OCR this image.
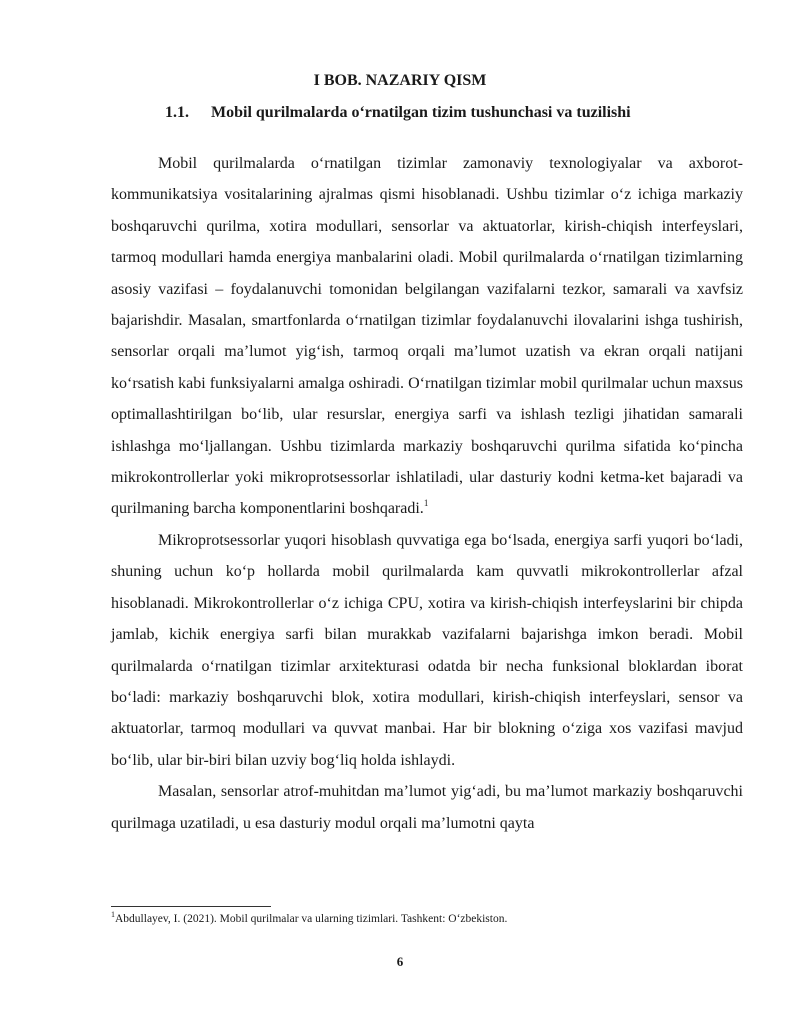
I BOB. NAZARIY QISM
1.1. Mobil qurilmalarda oʻrnatilgan tizim tushunchasi va tuzilishi

Mobil qurilmalarda oʻrnatilgan tizimlar zamonaviy texnologiyalar va axborot-kommunikatsiya vositalarining ajralmas qismi hisoblanadi. Ushbu tizimlar oʻz ichiga markaziy boshqaruvchi qurilma, xotira modullari, sensorlar va aktuatorlar, kirish-chiqish interfeyslari, tarmoq modullari hamda energiya manbalarini oladi. Mobil qurilmalarda oʻrnatilgan tizimlarning asosiy vazifasi – foydalanuvchi tomonidan belgilangan vazifalarni tezkor, samarali va xavfsiz bajarishdir. Masalan, smartfonlarda oʻrnatilgan tizimlar foydalanuvchi ilovalarini ishga tushirish, sensorlar orqali maʼlumot yigʻish, tarmoq orqali maʼlumot uzatish va ekran orqali natijani koʻrsatish kabi funksiyalarni amalga oshiradi. Oʻrnatilgan tizimlar mobil qurilmalar uchun maxsus optimallashtirilgan boʻlib, ular resurslar, energiya sarfi va ishlash tezligi jihatidan samarali ishlashga moʻljallangan. Ushbu tizimlarda markaziy boshqaruvchi qurilma sifatida koʻpincha mikrokontrollerlar yoki mikroprotsessorlar ishlatiladi, ular dasturiy kodni ketma-ket bajaradi va qurilmaning barcha komponentlarini boshqaradi.$^1$

Mikroprotsessorlar yuqori hisoblash quvvatiga ega boʻlsada, energiya sarfi yuqori boʻladi, shuning uchun koʻp hollarda mobil qurilmalarda kam quvvatli mikrokontrollerlar afzal hisoblanadi. Mikrokontrollerlar oʻz ichiga CPU, xotira va kirish-chiqish interfeyslarini bir chipda jamlab, kichik energiya sarfi bilan murakkab vazifalarni bajarishga imkon beradi. Mobil qurilmalarda oʻrnatilgan tizimlar arxitekturasi odatda bir necha funksional bloklardan iborat boʻladi: markaziy boshqaruvchi blok, xotira modullari, kirish-chiqish interfeyslari, sensor va aktuatorlar, tarmoq modullari va quvvat manbai. Har bir blokning oʻziga xos vazifasi mavjud boʻlib, ular bir-biri bilan uzviy bogʻliq holda ishlaydi.

Masalan, sensorlar atrof-muhitdan maʼlumot yigʻadi, bu maʼlumot markaziy boshqaruvchi qurilmaga uzatiladi, u esa dasturiy modul orqali maʼlumotni qayta

$^1$Abdullayev, I. (2021). Mobil qurilmalar va ularning tizimlari. Tashkent: Oʻzbekiston.
6
